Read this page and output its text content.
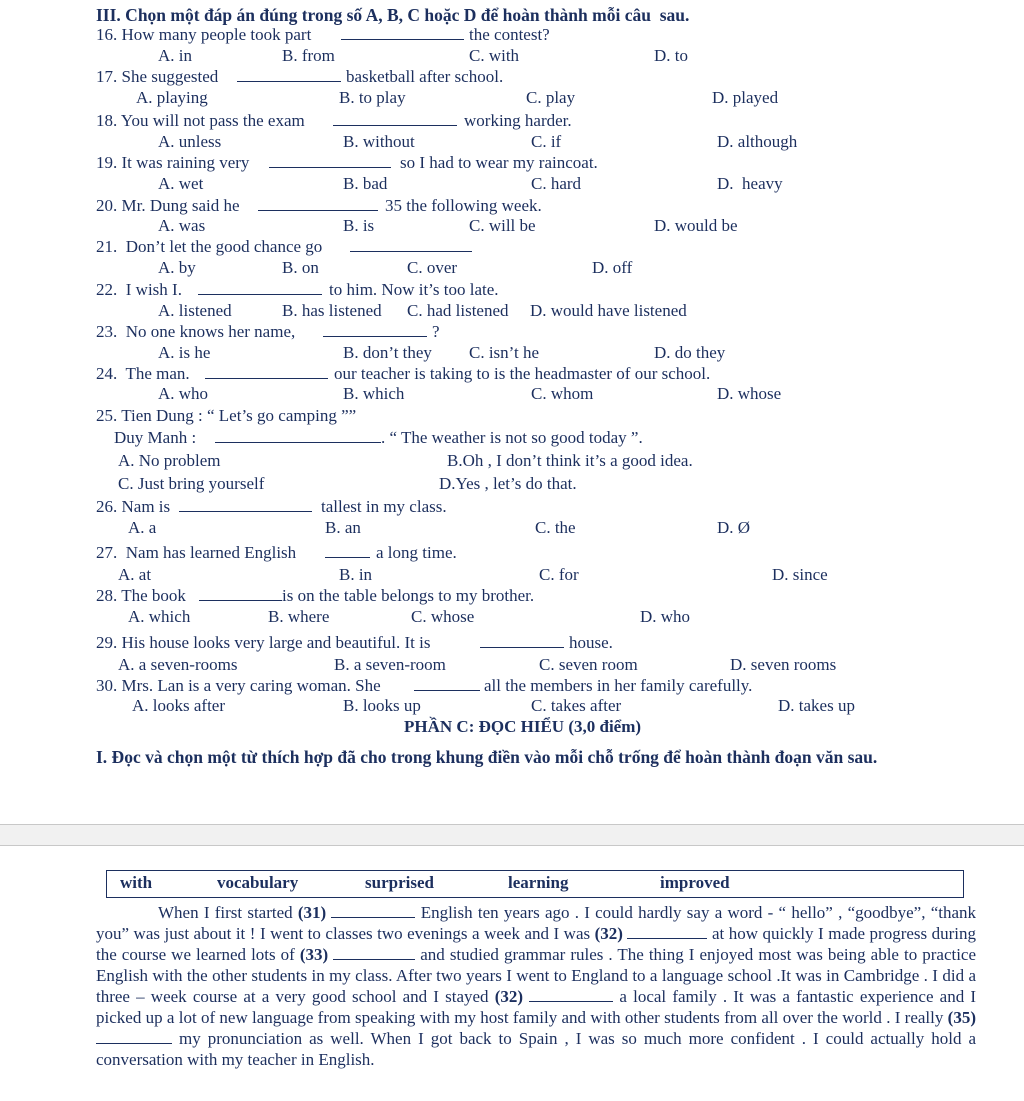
III. Chọn một đáp án đúng trong số A, B, C hoặc D để hoàn thành mỗi câu  sau.
16. How many people took part	the contest?
A. in	B. from	C. with	D. to
17. She suggested	basketball after school.
A. playing	B. to play	C. play	D. played
18. You will not pass the exam	working harder.
A. unless	B. without	C. if	D. although
19. It was raining very	so I had to wear my raincoat.
A. wet	B. bad	C. hard	D.  heavy
20. Mr. Dung said he	35 the following week.
A. was	B. is	C. will be	D. would be
21.  Don’t let the good chance go
A. by	B. on	C. over	D. off
22.  I wish I.	to him. Now it’s too late.
A. listened	B. has listened C. had listened D. would have listened
23.  No one knows her name,	?
A. is he	B. don’t they C. isn’t he	D. do they
24.  The man.	our teacher is taking to is the headmaster of our school.
A. who	B. which	C. whom	D. whose
25. Tien Dung : “ Let’s go camping ””
Duy Manh :	. “ The weather is not so good today ”.
A. No problem	B.Oh , I don’t think it’s a good idea.
C. Just bring yourself	D.Yes , let’s do that.
26. Nam is	tallest in my class.
A. a	B. an	C. the	D. Ø
27.  Nam has learned English	a long time.
A. at	B. in	C. for	D. since
28. The book	is on the table belongs to my brother.
A. which	B. where	C. whose	D. who
29. His house looks very large and beautiful. It is	house.
A. a seven-rooms	B. a seven-room	C. seven room	D. seven rooms
30. Mrs. Lan is a very caring woman. She	all the members in her family carefully.
A. looks after	B. looks up	C. takes after	D. takes up
PHẦN C: ĐỌC HIỂU (3,0 điểm)
I. Đọc và chọn một từ thích hợp đã cho trong khung điền vào mỗi chỗ trống để hoàn thành đoạn văn sau.
with	vocabulary	surprised	learning	improved
When I first started (31)	English ten years ago . I could hardly say a word - “ hello” , “goodbye”, “thank you” was just about it ! I went to classes two evenings a week and I was (32)	at how quickly I made progress during the course we learned lots of (33)	and studied grammar rules . The thing I enjoyed most was being able to practice English with the other students in my class. After two years I went to England to a language school .It was in Cambridge . I did a three – week course at a very good school and I stayed (32)	a local family . It was a fantastic experience and I picked up a lot of new language from speaking with my host family and with other students from all over the world . I really (35)  my pronunciation as well. When I got back to Spain , I was so much more confident . I could actually hold a conversation with my teacher in English.
